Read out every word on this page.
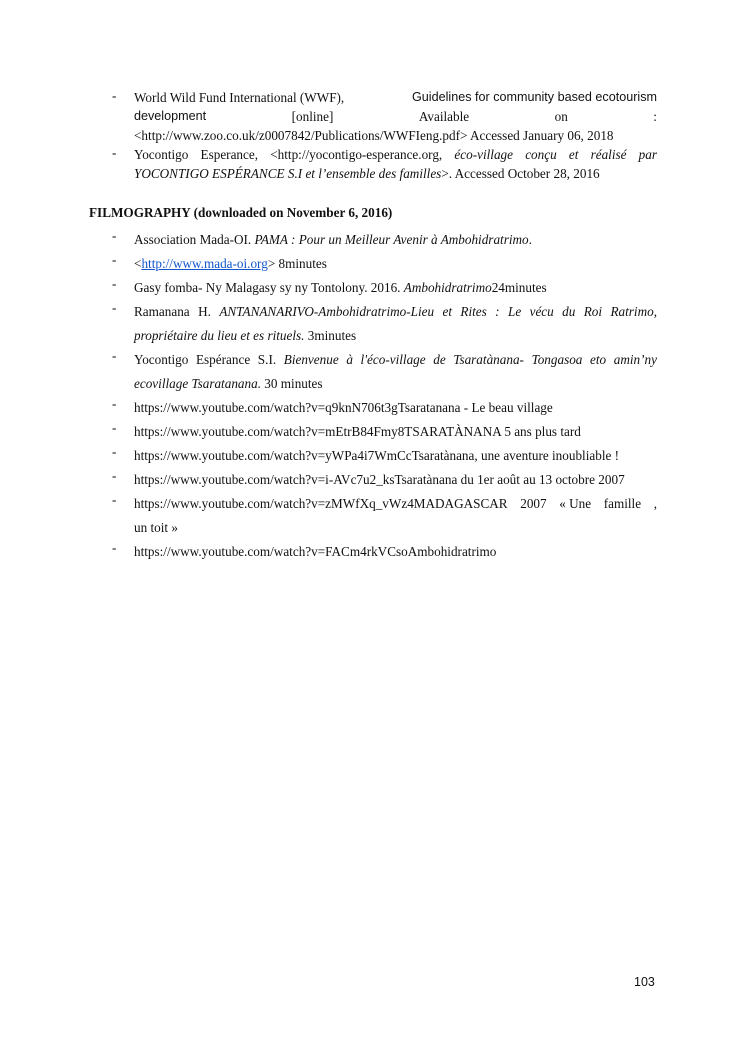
-	World Wild Fund International (WWF),	Guidelines for community based ecotourism
development	[online]	Available	on	:
<http://www.zoo.co.uk/z0007842/Publications/WWFIeng.pdf> Accessed January 06, 2018
-	Yocontigo Esperance, <http://yocontigo-esperance.org, éco-village conçu et réalisé par YOCONTIGO ESPÉRANCE S.I et l’ensemble des familles>. Accessed October 28, 2016
FILMOGRAPHY (downloaded on November 6, 2016)
-	Association Mada-OI. PAMA : Pour un Meilleur Avenir à Ambohidratrimo.
-	<http://www.mada-oi.org> 8minutes
-	Gasy fomba- Ny Malagasy sy ny Tontolony. 2016. Ambohidratrimo24minutes
-	Ramanana H. ANTANANARIVO-Ambohidratrimo-Lieu et Rites : Le vécu du Roi Ratrimo, propriétaire du lieu et es rituels. 3minutes
-	Yocontigo Espérance S.I. Bienvenue à l'éco-village de Tsaratànana- Tongasoa eto amin’ny ecovillage Tsaratanana. 30 minutes
-	https://www.youtube.com/watch?v=q9knN706t3gTsaratanana - Le beau village
-	https://www.youtube.com/watch?v=mEtrB84Fmy8TSARATÀNANA 5 ans plus tard
-	https://www.youtube.com/watch?v=yWPa4i7WmCcTsaratànana, une aventure inoubliable !
-	https://www.youtube.com/watch?v=i-AVc7u2_ksTsaratànana du 1er août au 13 octobre 2007
-	https://www.youtube.com/watch?v=zMWfXq_vWz4MADAGASCAR 2007 « Une famille ,
un toit »
-	https://www.youtube.com/watch?v=FACm4rkVCsoAmbohidratrimo
103
